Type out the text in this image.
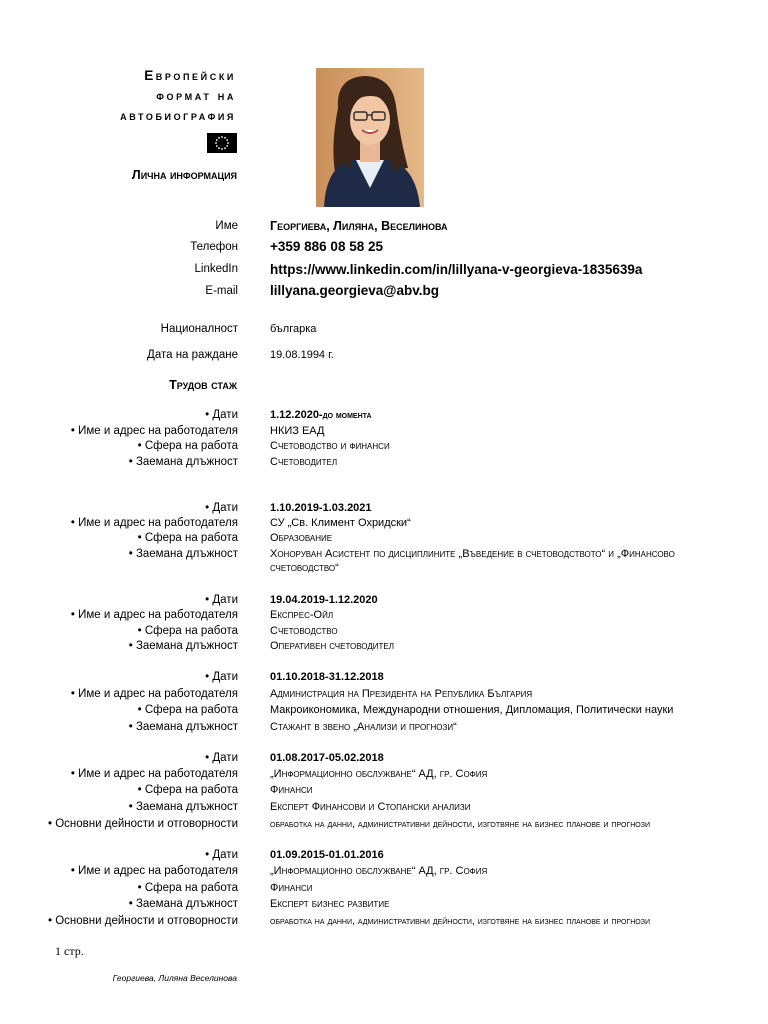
Европейски
формат на
автобиография
Лична информация
Име	Георгиева, Лиляна, Веселинова
Телефон +359 886 08 58 25
LinkedIn https://www.linkedin.com/in/lillyana-v-georgieva-1835639a
E-mail lillyana.georgieva@abv.bg
Националност	българка
Дата на раждане	19.08.1994 г.
Трудов стаж
• Дати	1.12.2020-до момента
• Име и адрес на работодателя	НКИЗ ЕАД
• Сфера на работа	Счетоводство и финанси
• Заемана длъжност	Счетоводител
• Дати	1.10.2019-1.03.2021
• Име и адрес на работодателя	СУ „Св. Климент Охридски“
• Сфера на работа	Образование
• Заемана длъжност	Хоноруван Асистент по дисциплините „Въведение в счетоводството“ и „Финансово счетоводство“
• Дати	19.04.2019-1.12.2020
• Име и адрес на работодателя	Експрес-Ойл
• Сфера на работа	Счетоводство
• Заемана длъжност	Оперативен счетоводител
• Дати	01.10.2018-31.12.2018
• Име и адрес на работодателя	Администрация на Президента на Република България
• Сфера на работа	Макроикономика, Международни отношения, Дипломация, Политически науки
• Заемана длъжност	Стажант в звено „Анализи и прогнози“
• Дати	01.08.2017-05.02.2018
• Име и адрес на работодателя	„Информационно обслужване“ АД, гр. София
• Сфера на работа	Финанси
• Заемана длъжност	Експерт Финансови и Стопански анализи
• Основни дейности и отговорности	обработка на данни, административни дейности, изготвяне на бизнес планове и прогнози
• Дати	01.09.2015-01.01.2016
• Име и адрес на работодателя	„Информационно обслужване“ АД, гр. София
• Сфера на работа	Финанси
• Заемана длъжност	Експерт бизнес развитие
• Основни дейности и отговорности	обработка на данни, административни дейности, изготвяне на бизнес планове и прогнози
1 стр.
Георгиева, Лиляна Веселинова
